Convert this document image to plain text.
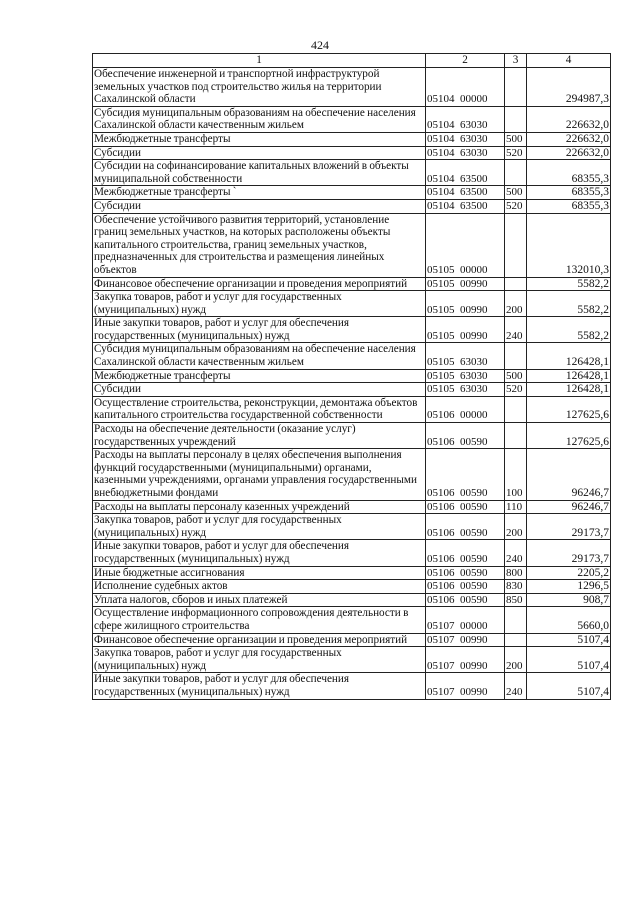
424
1	2	3	4
Обеспечение инженерной и транспортной инфраструктурой земельных участков под строительство жилья на территории Сахалинской области	05104  00000		294987,3
Субсидия муниципальным образованиям на обеспечение населения Сахалинской области качественным жильем	05104  63030		226632,0
Межбюджетные трансферты	05104  63030	500	226632,0
Субсидии	05104  63030	520	226632,0
Субсидии на софинансирование капитальных вложений в объекты муниципальной собственности	05104  63500		68355,3
Межбюджетные трансферты `	05104  63500	500	68355,3
Субсидии	05104  63500	520	68355,3
Обеспечение устойчивого развития территорий, установление границ земельных участков, на которых расположены объекты капитального строительства, границ земельных участков, предназначенных для строительства и размещения линейных объектов	05105  00000		132010,3
Финансовое обеспечение организации и проведения мероприятий	05105  00990		5582,2
Закупка товаров, работ и услуг для государственных (муниципальных) нужд	05105  00990	200	5582,2
Иные закупки товаров, работ и услуг для обеспечения государственных (муниципальных) нужд	05105  00990	240	5582,2
Субсидия муниципальным образованиям на обеспечение населения Сахалинской области качественным жильем	05105  63030		126428,1
Межбюджетные трансферты	05105  63030	500	126428,1
Субсидии	05105  63030	520	126428,1
Осуществление строительства, реконструкции, демонтажа объектов капитального строительства государственной собственности	05106  00000		127625,6
Расходы на обеспечение деятельности (оказание услуг) государственных учреждений	05106  00590		127625,6
Расходы на выплаты персоналу в целях обеспечения выполнения функций государственными (муниципальными) органами, казенными учреждениями, органами управления государственными внебюджетными фондами	05106  00590	100	96246,7
Расходы на выплаты персоналу казенных учреждений	05106  00590	110	96246,7
Закупка товаров, работ и услуг для государственных (муниципальных) нужд	05106  00590	200	29173,7
Иные закупки товаров, работ и услуг для обеспечения государственных (муниципальных) нужд	05106  00590	240	29173,7
Иные бюджетные ассигнования	05106  00590	800	2205,2
Исполнение судебных актов	05106  00590	830	1296,5
Уплата налогов, сборов и иных платежей	05106  00590	850	908,7
Осуществление информационного сопровождения деятельности в сфере жилищного строительства	05107  00000		5660,0
Финансовое обеспечение организации и проведения мероприятий	05107  00990		5107,4
Закупка товаров, работ и услуг для государственных (муниципальных) нужд	05107  00990	200	5107,4
Иные закупки товаров, работ и услуг для обеспечения государственных (муниципальных) нужд	05107  00990	240	5107,4
